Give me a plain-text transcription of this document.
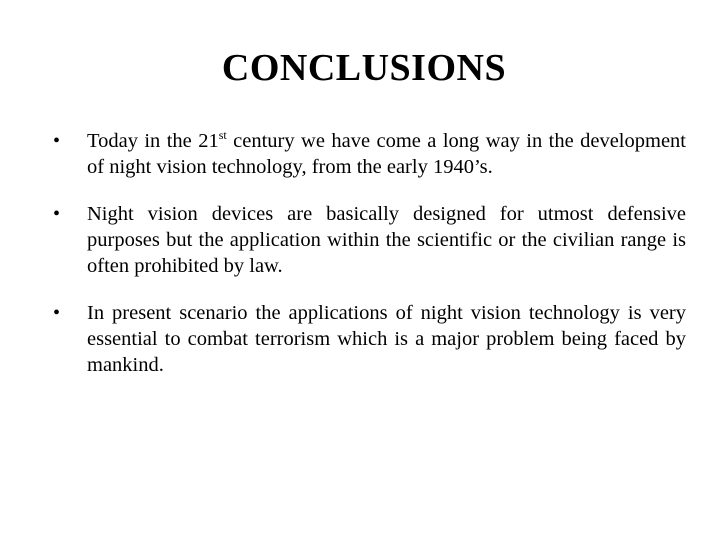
CONCLUSIONS
• Today in the 21st century we have come a long way in the development of night vision technology, from the early 1940’s.
• Night vision devices are basically designed for utmost defensive purposes but the application within the scientific or the civilian range is often prohibited by law.
• In present scenario the applications of night vision technology is very essential to combat terrorism which is a major problem being faced by mankind.
